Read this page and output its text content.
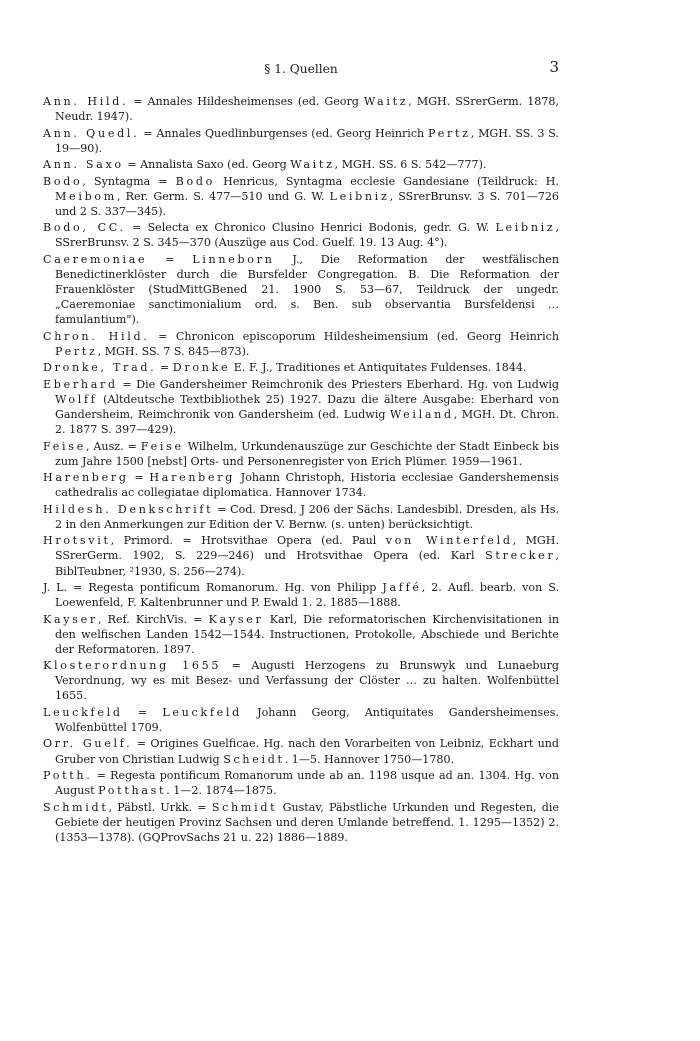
§ 1. Quellen	3

Ann. Hild. = Annales Hildesheimenses (ed. Georg Waitz, MGH. SSrerGerm. 1878, Neudr. 1947).

Ann. Quedl. = Annales Quedlinburgenses (ed. Georg Heinrich Pertz, MGH. SS. 3 S. 19—90).

Ann. Saxo = Annalista Saxo (ed. Georg Waitz, MGH. SS. 6 S. 542—777).

Bodo, Syntagma = Bodo Henricus, Syntagma ecclesie Gandesiane (Teildruck: H. Meibom, Rer. Germ. S. 477—510 und G. W. Leibniz, SSrerBrunsv. 3 S. 701—726 und 2 S. 337—345).

Bodo, CC. = Selecta ex Chronico Clusino Henrici Bodonis, gedr. G. W. Leibniz, SSrerBrunsv. 2 S. 345—370 (Auszüge aus Cod. Guelf. 19. 13 Aug. 4°).

Caeremoniae = Linneborn J., Die Reformation der westfälischen Benedictinerklöster durch die Bursfelder Congregation. B. Die Reformation der Frauenklöster (StudMittGBened 21. 1900 S. 53—67, Teildruck der ungedr. „Caeremoniae sanctimonialium ord. s. Ben. sub observantia Bursfeldensi … famulantium").

Chron. Hild. = Chronicon episcoporum Hildesheimensium (ed. Georg Heinrich Pertz, MGH. SS. 7 S. 845—873).

Dronke, Trad. = Dronke E. F. J., Traditiones et Antiquitates Fuldenses. 1844.

Eberhard = Die Gandersheimer Reimchronik des Priesters Eberhard. Hg. von Ludwig Wolff (Altdeutsche Textbibliothek 25) 1927. Dazu die ältere Ausgabe: Eberhard von Gandersheim, Reimchronik von Gandersheim (ed. Ludwig Weiland, MGH. Dt. Chron. 2. 1877 S. 397—429).

Feise, Ausz. = Feise Wilhelm, Urkundenauszüge zur Geschichte der Stadt Einbeck bis zum Jahre 1500 [nebst] Orts- und Personenregister von Erich Plümer. 1959—1961.

Harenberg = Harenberg Johann Christoph, Historia ecclesiae Gandershemensis cathedralis ac collegiatae diplomatica. Hannover 1734.

Hildesh. Denkschrift = Cod. Dresd. J 206 der Sächs. Landesbibl. Dresden, als Hs. 2 in den Anmerkungen zur Edition der V. Bernw. (s. unten) berücksichtigt.

Hrotsvit, Primord. = Hrotsvithae Opera (ed. Paul von Winterfeld, MGH. SSrerGerm. 1902, S. 229—246) und Hrotsvithae Opera (ed. Karl Strecker, BiblTeubner, ²1930, S. 256—274).

J. L. = Regesta pontificum Romanorum. Hg. von Philipp Jaffé, 2. Aufl. bearb. von S. Loewenfeld, F. Kaltenbrunner und P. Ewald 1. 2. 1885—1888.

Kayser, Ref. KirchVis. = Kayser Karl, Die reformatorischen Kirchenvisitationen in den welfischen Landen 1542—1544. Instructionen, Protokolle, Abschiede und Berichte der Reformatoren. 1897.

Klosterordnung 1655 = Augusti Herzogens zu Brunswyk und Lunaeburg Verordnung, wy es mit Besez- und Verfassung der Clöster … zu halten. Wolfenbüttel 1655.

Leuckfeld = Leuckfeld Johann Georg, Antiquitates Gandersheimenses. Wolfenbüttel 1709.

Orr. Guelf. = Origines Guelficae. Hg. nach den Vorarbeiten von Leibniz, Eckhart und Gruber von Christian Ludwig Scheidt. 1—5. Hannover 1750—1780.

Potth. = Regesta pontificum Romanorum unde ab an. 1198 usque ad an. 1304. Hg. von August Potthast. 1—2. 1874—1875.

Schmidt, Päbstl. Urkk. = Schmidt Gustav, Päbstliche Urkunden und Regesten, die Gebiete der heutigen Provinz Sachsen und deren Umlande betreffend. 1. 1295—1352) 2. (1353—1378). (GQProvSachs 21 u. 22) 1886—1889.
